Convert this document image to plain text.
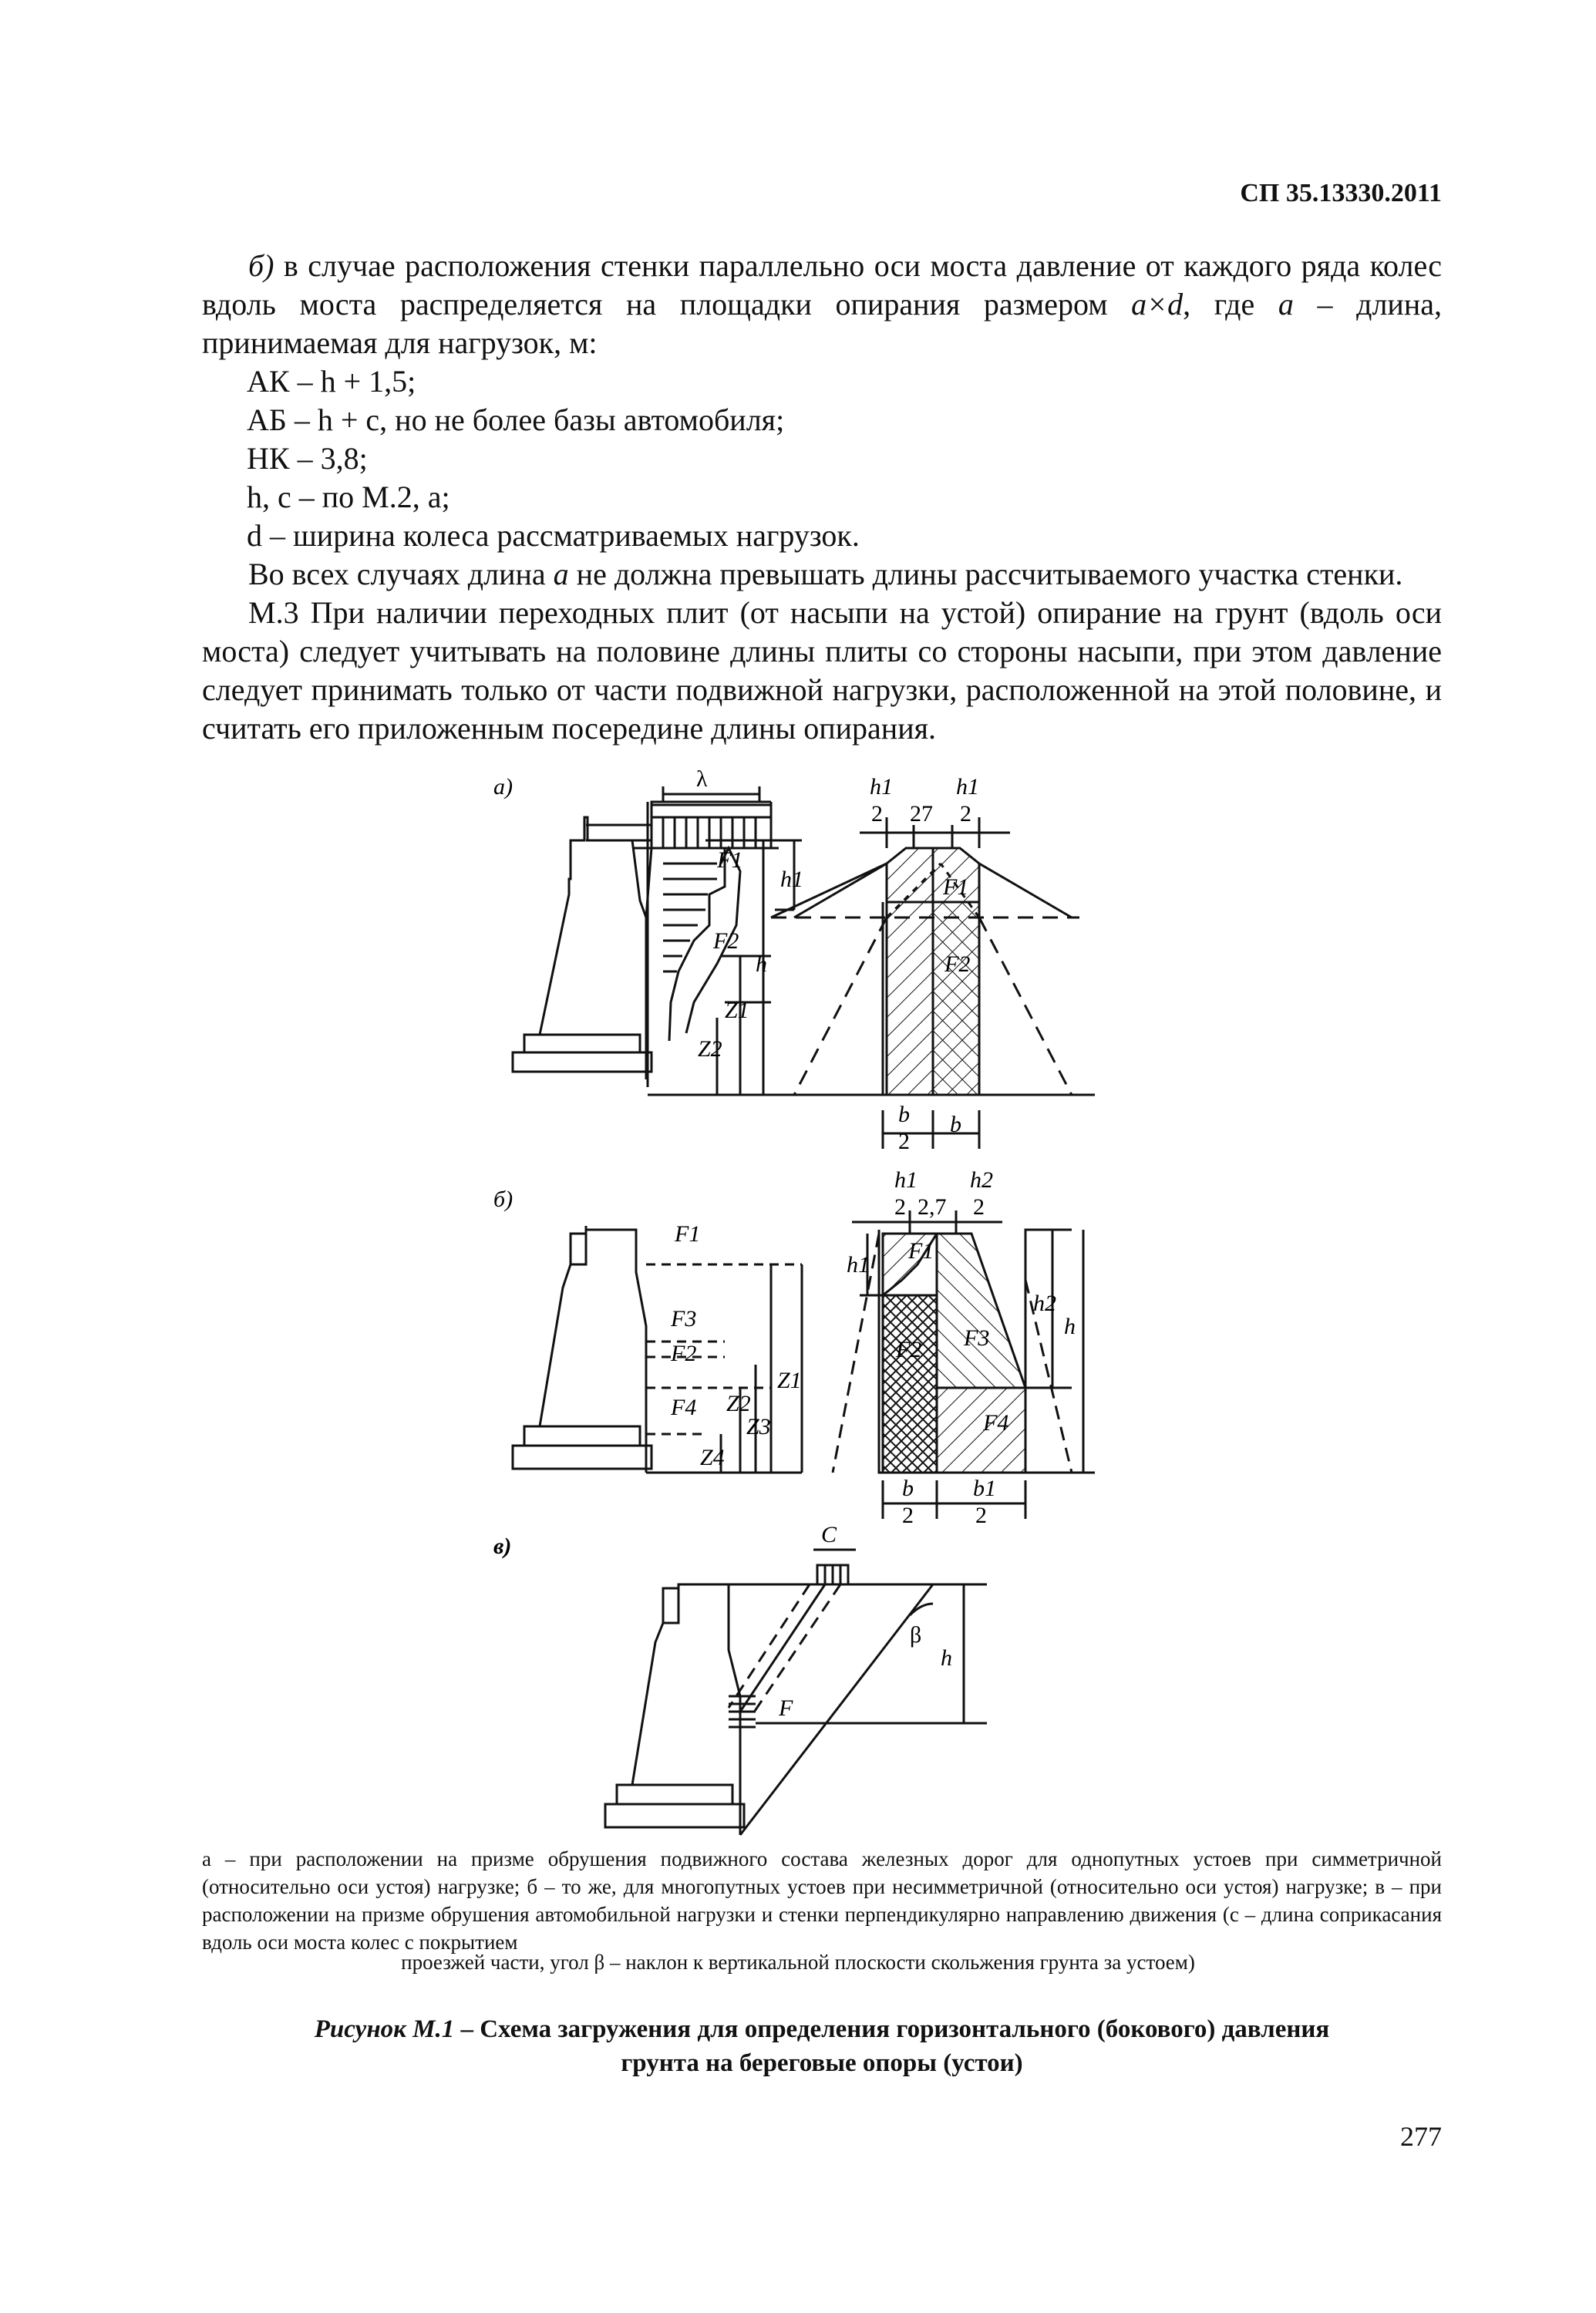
СП 35.13330.2011

б) в случае расположения стенки параллельно оси моста давление от каждого ряда колес вдоль моста распределяется на площадки опирания размером a×d, где a – длина, принимаемая для нагрузок, м:

АК – h + 1,5;

АБ – h + c, но не более базы автомобиля;

НК – 3,8;

h, c – по М.2, a;

d – ширина колеса рассматриваемых нагрузок.

Во всех случаях длина a не должна превышать длины рассчитываемого участка стенки.

М.3 При наличии переходных плит (от насыпи на устой) опирание на грунт (вдоль оси моста) следует учитывать на половине длины плиты со стороны насыпи, при этом давление следует принимать только от части подвижной нагрузки, расположенной на этой половине, и считать его приложенным посередине длины опирания.

а)	λ
F1
F2
h1
h
Z1
Z2
h1
2 27
h1
2
F1
F2
b
2
b
б)
F1
F3
F2
F4
Z1
Z2
Z3
Z4
h1
2 2,7
h2
2
F1
F2 F3
F4
h1
h2
h
b
2
b1
2
в)	C
β
h
F
а – при расположении на призме обрушения подвижного состава железных дорог для однопутных устоев при симметричной (относительно оси устоя) нагрузке; б – то же, для многопутных устоев при несимметричной (относительно оси устоя) нагрузке; в – при расположении на призме обрушения автомобильной нагрузки и стенки перпендикулярно направлению движения (с – длина соприкасания вдоль оси моста колес с покрытием
проезжей части, угол β – наклон к вертикальной плоскости скольжения грунта за устоем)
Рисунок М.1 – Схема загружения для определения горизонтального (бокового) давления
грунта на береговые опоры (устои)
277
